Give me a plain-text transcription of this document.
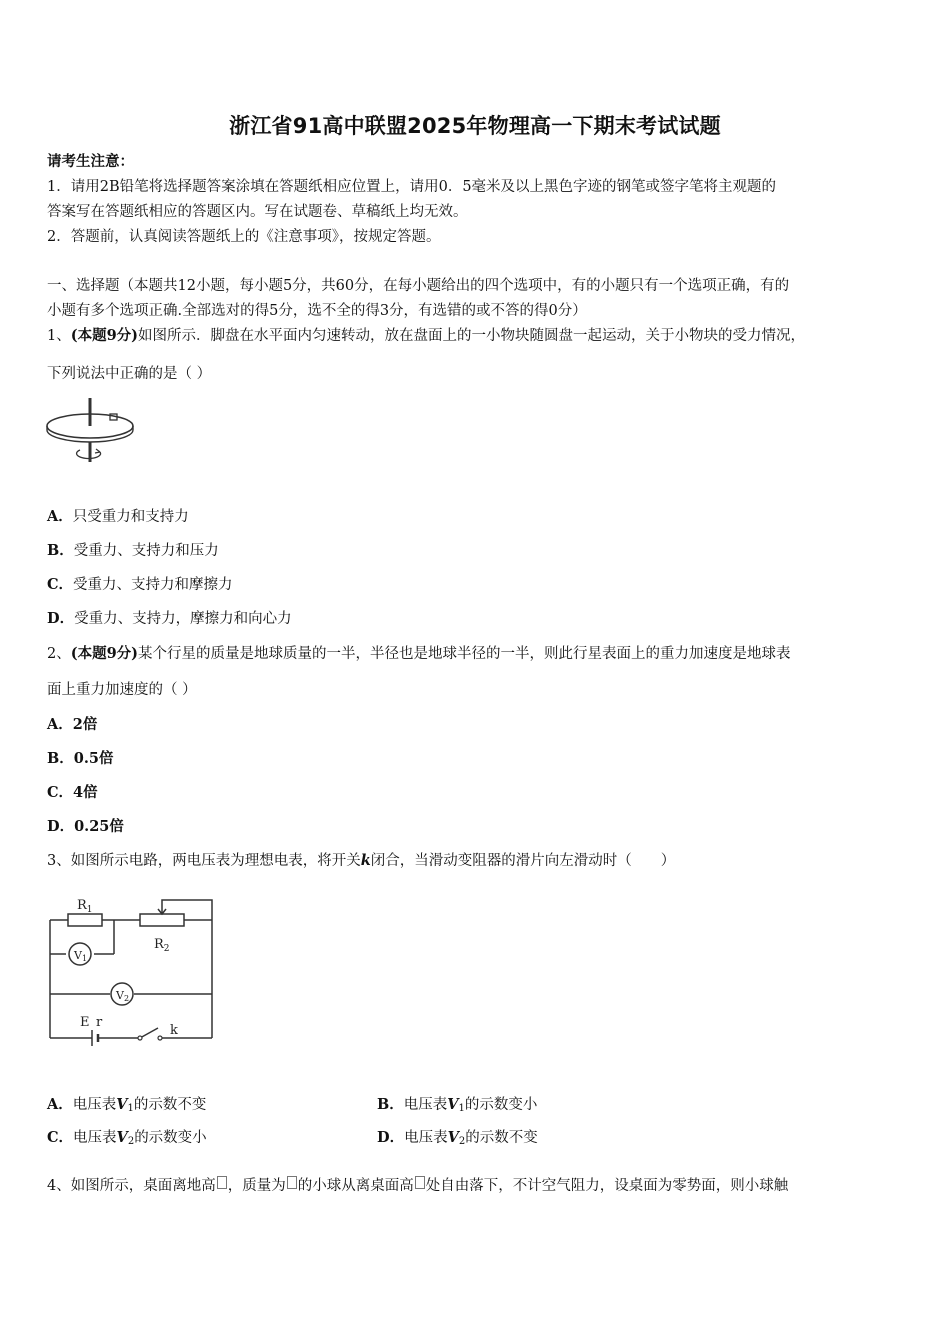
浙江省91高中联盟2025年物理高一下期末考试试题
请考生注意：
1．请用2B铅笔将选择题答案涂填在答题纸相应位置上，请用0．5毫米及以上黑色字迹的钢笔或签字笔将主观题的
答案写在答题纸相应的答题区内。写在试题卷、草稿纸上均无效。
2．答题前，认真阅读答题纸上的《注意事项》，按规定答题。
一、选择题（本题共12小题，每小题5分，共60分，在每小题给出的四个选项中，有的小题只有一个选项正确，有的
小题有多个选项正确.全部选对的得5分，选不全的得3分，有选错的或不答的得0分）
1、(本题9分)如图所示．脚盘在水平面内匀速转动，放在盘面上的一小物块随圆盘一起运动，关于小物块的受力情况，
下列说法中正确的是（ ）
A．只受重力和支持力
B．受重力、支持力和压力
C．受重力、支持力和摩擦力
D．受重力、支持力，摩擦力和向心力
2、(本题9分)某个行星的质量是地球质量的一半，半径也是地球半径的一半，则此行星表面上的重力加速度是地球表
面上重力加速度的（ ）
A．2倍
B．0.5倍
C．4倍
D．0.25倍
3、如图所示电路，两电压表为理想电表，将开关k闭合，当滑动变阻器的滑片向左滑动时（　　）
$R_1$
$R_2$
V1
V2
E r
k
A．电压表$V_1$的示数不变	B．电压表$V_1$的示数变小
C．电压表$V_2$的示数变小	D．电压表$V_2$的示数不变
4、如图所示，桌面离地高 ，质量为 的小球从离桌面高 处自由落下，不计空气阻力，设桌面为零势面，则小球触
